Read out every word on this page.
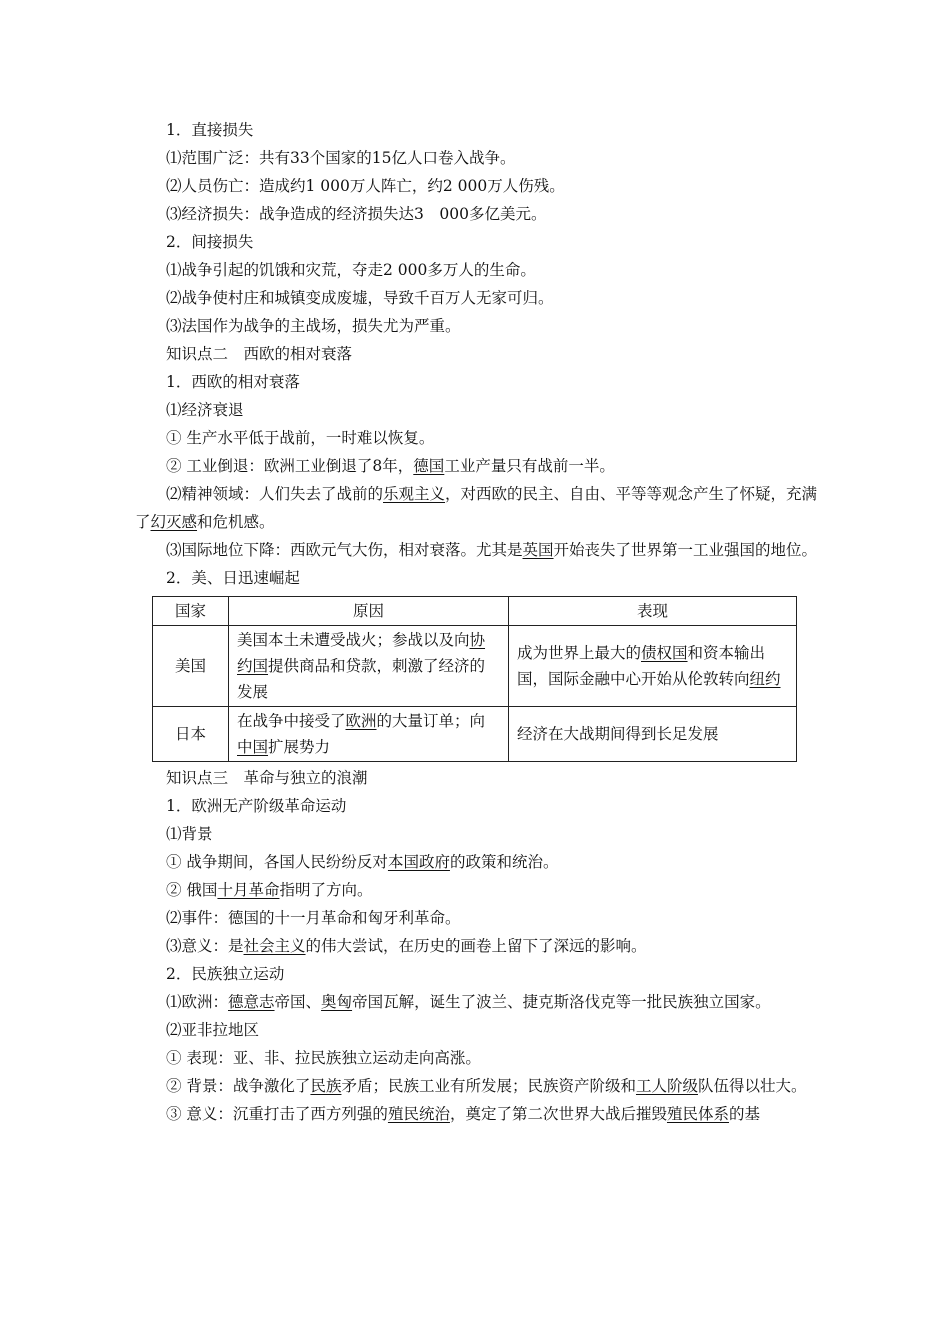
1．直接损失

⑴范围广泛：共有33个国家的15亿人口卷入战争。

⑵人员伤亡：造成约1 000万人阵亡，约2 000万人伤残。

⑶经济损失：战争造成的经济损失达3　000多亿美元。

2．间接损失

⑴战争引起的饥饿和灾荒，夺走2 000多万人的生命。

⑵战争使村庄和城镇变成废墟，导致千百万人无家可归。

⑶法国作为战争的主战场，损失尤为严重。

知识点二　西欧的相对衰落

1．西欧的相对衰落

⑴经济衰退

① 生产水平低于战前，一时难以恢复。

② 工业倒退：欧洲工业倒退了8年，德国工业产量只有战前一半。

⑵精神领域：人们失去了战前的乐观主义，对西欧的民主、自由、平等等观念产生了怀疑，充满了幻灭感和危机感。

⑶国际地位下降：西欧元气大伤，相对衰落。尤其是英国开始丧失了世界第一工业强国的地位。

2．美、日迅速崛起

国家	原因	表现
美国	美国本土未遭受战火；参战以及向协约国提供商品和贷款，刺激了经济的发展	成为世界上最大的债权国和资本输出国，国际金融中心开始从伦敦转向纽约
日本	在战争中接受了欧洲的大量订单；向中国扩展势力	经济在大战期间得到长足发展

知识点三　革命与独立的浪潮

1．欧洲无产阶级革命运动

⑴背景

① 战争期间，各国人民纷纷反对本国政府的政策和统治。

② 俄国十月革命指明了方向。

⑵事件：德国的十一月革命和匈牙利革命。

⑶意义：是社会主义的伟大尝试，在历史的画卷上留下了深远的影响。

2．民族独立运动

⑴欧洲：德意志帝国、奥匈帝国瓦解，诞生了波兰、捷克斯洛伐克等一批民族独立国家。

⑵亚非拉地区

① 表现：亚、非、拉民族独立运动走向高涨。

② 背景：战争激化了民族矛盾；民族工业有所发展；民族资产阶级和工人阶级队伍得以壮大。

③ 意义：沉重打击了西方列强的殖民统治，奠定了第二次世界大战后摧毁殖民体系的基
